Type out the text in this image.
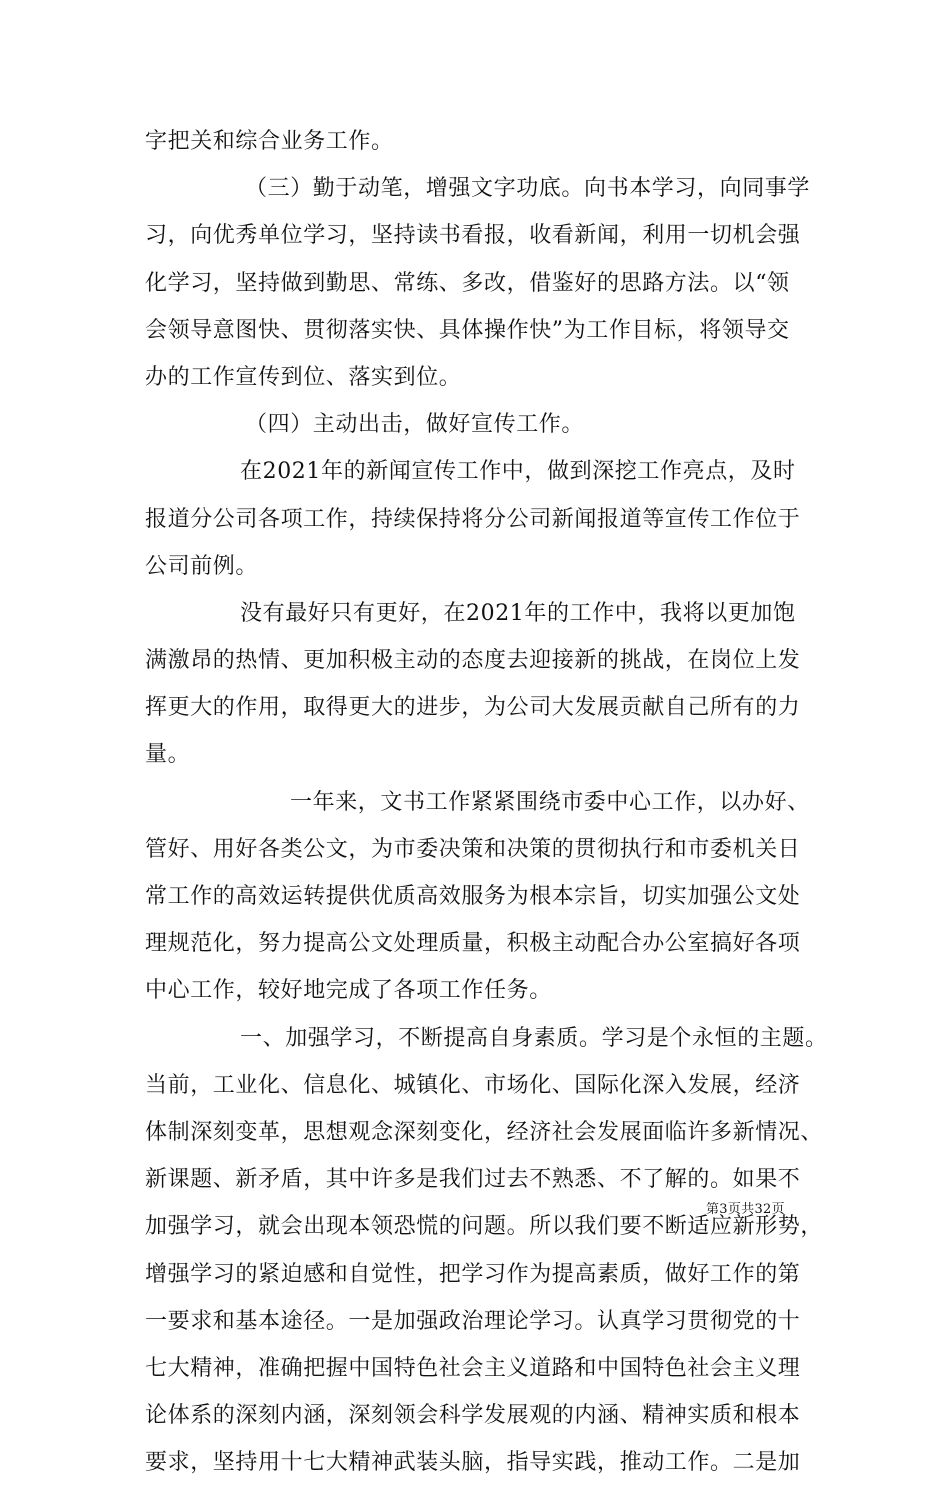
字把关和综合业务工作。
（三）勤于动笔，增强文字功底。向书本学习，向同事学
习，向优秀单位学习，坚持读书看报，收看新闻，利用一切机会强
化学习，坚持做到勤思、常练、多改，借鉴好的思路方法。以“领
会领导意图快、贯彻落实快、具体操作快”为工作目标，将领导交
办的工作宣传到位、落实到位。
（四）主动出击，做好宣传工作。
在2021年的新闻宣传工作中，做到深挖工作亮点，及时
报道分公司各项工作，持续保持将分公司新闻报道等宣传工作位于
公司前例。
没有最好只有更好，在2021年的工作中，我将以更加饱
满激昂的热情、更加积极主动的态度去迎接新的挑战，在岗位上发
挥更大的作用，取得更大的进步，为公司大发展贡献自己所有的力
量。
一年来，文书工作紧紧围绕市委中心工作，以办好、
管好、用好各类公文，为市委决策和决策的贯彻执行和市委机关日
常工作的高效运转提供优质高效服务为根本宗旨，切实加强公文处
理规范化，努力提高公文处理质量，积极主动配合办公室搞好各项
中心工作，较好地完成了各项工作任务。
一、加强学习，不断提高自身素质。学习是个永恒的主题。
当前，工业化、信息化、城镇化、市场化、国际化深入发展，经济
体制深刻变革，思想观念深刻变化，经济社会发展面临许多新情况、
新课题、新矛盾，其中许多是我们过去不熟悉、不了解的。如果不
加强学习，就会出现本领恐慌的问题。所以我们要不断适应新形势，
增强学习的紧迫感和自觉性，把学习作为提高素质，做好工作的第
一要求和基本途径。一是加强政治理论学习。认真学习贯彻党的十
七大精神，准确把握中国特色社会主义道路和中国特色社会主义理
论体系的深刻内涵，深刻领会科学发展观的内涵、精神实质和根本
要求，坚持用十七大精神武装头脑，指导实践，推动工作。二是加
第3页共32页
